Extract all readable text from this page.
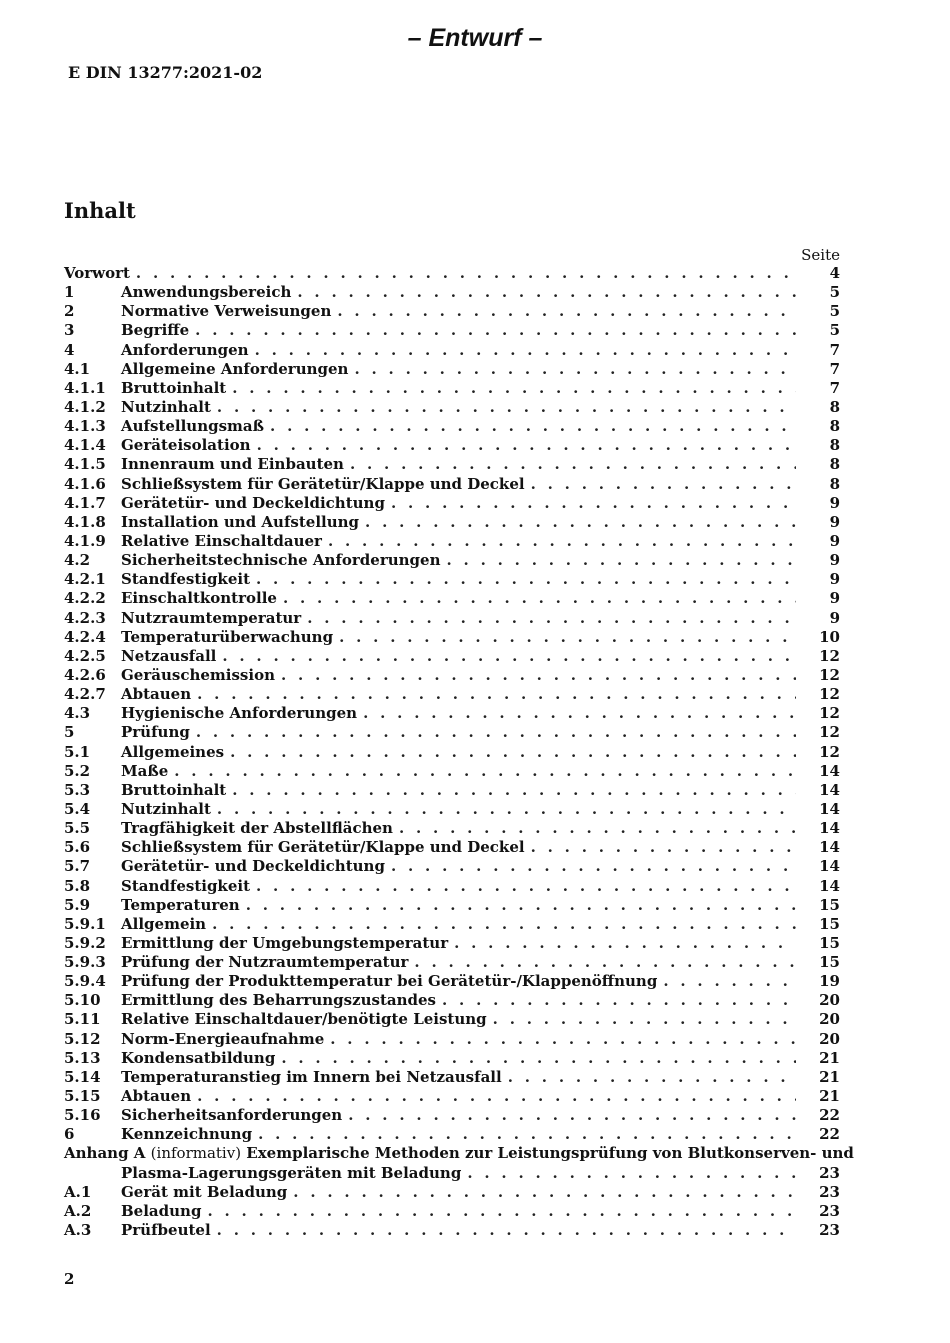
– Entwurf –
E DIN 13277:2021-02
Inhalt
Seite
Vorwort . . .	4
1	Anwendungsbereich . . .	5
2	Normative Verweisungen . . .	5
3	Begriffe . . .	5
4	Anforderungen . . .	7
4.1	Allgemeine Anforderungen . . .	7
4.1.1	Bruttoinhalt . . .	7
4.1.2	Nutzinhalt . . .	8
4.1.3	Aufstellungsmaß . . .	8
4.1.4	Geräteisolation . . .	8
4.1.5	Innenraum und Einbauten . . .	8
4.1.6	Schließsystem für Gerätetür/Klappe und Deckel . . .	8
4.1.7	Gerätetür- und Deckeldichtung . . .	9
4.1.8	Installation und Aufstellung . . .	9
4.1.9	Relative Einschaltdauer . . .	9
4.2	Sicherheitstechnische Anforderungen . . .	9
4.2.1	Standfestigkeit . . .	9
4.2.2	Einschaltkontrolle . . .	9
4.2.3	Nutzraumtemperatur . . .	9
4.2.4	Temperaturüberwachung . . .	10
4.2.5	Netzausfall . . .	12
4.2.6	Geräuschemission . . .	12
4.2.7	Abtauen . . .	12
4.3	Hygienische Anforderungen . . .	12
5	Prüfung . . .	12
5.1	Allgemeines . . .	12
5.2	Maße . . .	14
5.3	Bruttoinhalt . . .	14
5.4	Nutzinhalt . . .	14
5.5	Tragfähigkeit der Abstellflächen . . .	14
5.6	Schließsystem für Gerätetür/Klappe und Deckel . . .	14
5.7	Gerätetür- und Deckeldichtung . . .	14
5.8	Standfestigkeit . . .	14
5.9	Temperaturen . . .	15
5.9.1	Allgemein . . .	15
5.9.2	Ermittlung der Umgebungstemperatur . . .	15
5.9.3	Prüfung der Nutzraumtemperatur . . .	15
5.9.4	Prüfung der Produkttemperatur bei Gerätetür-/Klappenöffnung . . .	19
5.10	Ermittlung des Beharrungszustandes . . .	20
5.11	Relative Einschaltdauer/benötigte Leistung . . .	20
5.12	Norm-Energieaufnahme . . .	20
5.13	Kondensatbildung . . .	21
5.14	Temperaturanstieg im Innern bei Netzausfall . . .	21
5.15	Abtauen . . .	21
5.16	Sicherheitsanforderungen . . .	22
6	Kennzeichnung . . .	22
Anhang A (informativ) Exemplarische Methoden zur Leistungsprüfung von Blutkonserven- und
Plasma-Lagerungsgeräten mit Beladung . . .	23
A.1	Gerät mit Beladung . . .	23
A.2	Beladung . . .	23
A.3	Prüfbeutel . . .	23
2
